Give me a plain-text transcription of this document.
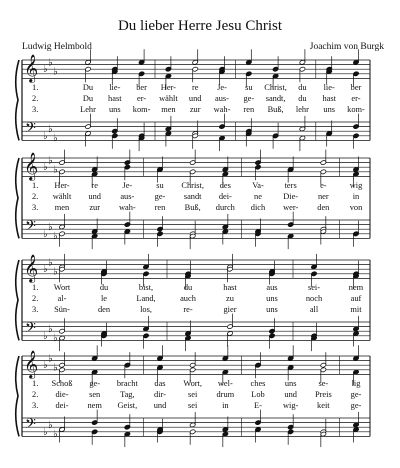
Du lieber Herre Jesu Christ
Ludwig Helmbold	Joachim von Burgk
𝄞
𝄢
♭
♭
♭
♭
♭
♭
1.	Du lie- ber Her- re Je- su Christ, du lie- ber
2.	Du hast er- wählt und aus- ge- sandt, du hast er-
3.	Lehr uns kom- men zur wah- ren Buß, lehr uns kom-
𝄞
𝄢
♭
♭
♭
♭
♭
♭
1. Her-	re	Je-	su Christ, des	Va- ters	e-	wig
2. wählt und aus- ge- sandt dei-	ne	Die- ner	in
3. men zur wah- ren Buß, durch dich wer- den von
𝄞
𝄢
♭
♭
♭
♭
♭
♭
1. Wort	du	bist,	du	hast	aus	sei-	nem
2. al-	le	Land,	auch	zu	uns	noch	auf
3. Sün-	den	los,	re-	gier	uns	all	mit
𝄞
𝄢
♭
♭
♭
♭
♭
♭
1. Schoß ge- bracht das Wort, wel- ches uns	se-	lig
2. die- sen Tag, dir-	sei drum Lob und Preis ge-
3. dei- nem Geist, und	sei	in	E-	wig- keit	ge-
